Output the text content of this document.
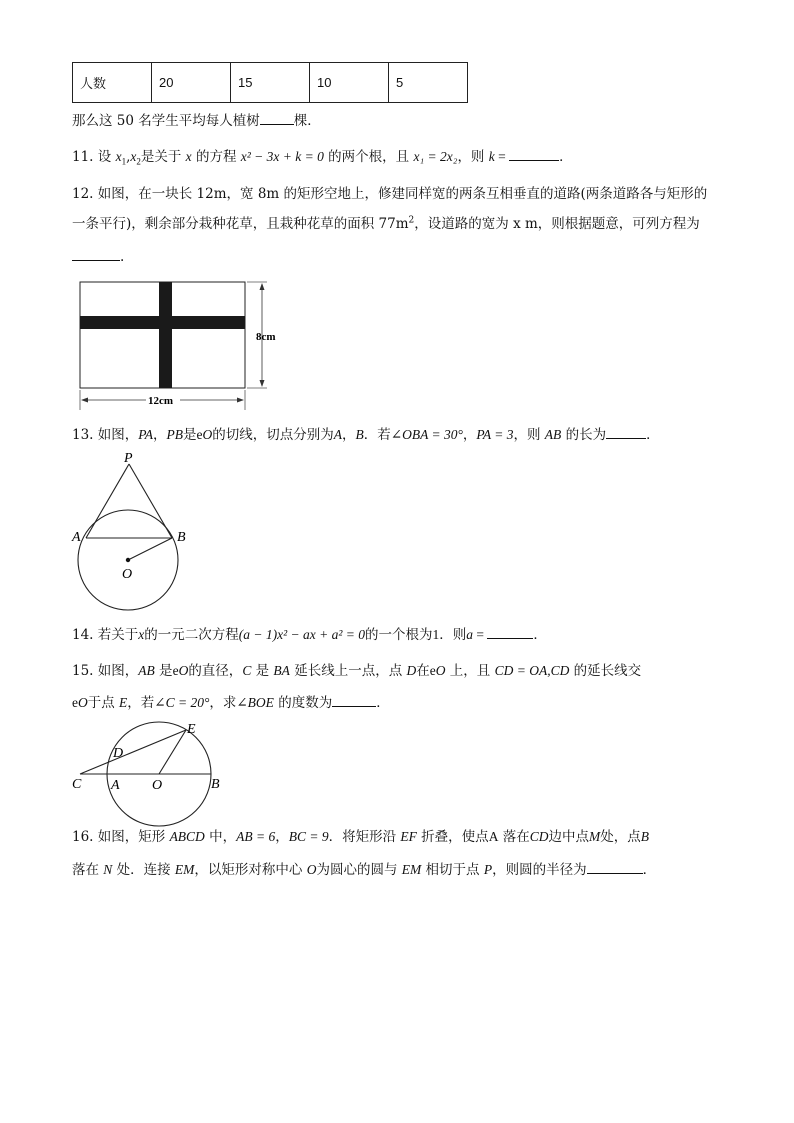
人数	20	15	10	5
那么这 50 名学生平均每人植树	棵．
11. 设 $x_1,x_2$是关于 x 的方程 x² − 3x + k = 0 的两个根，且 x₁ = 2x₂，则 k =	．
12. 如图，在一块长 12m，宽 8m 的矩形空地上，修建同样宽的两条互相垂直的道路(两条道路各与矩形的
一条平行)，剩余部分栽种花草，且栽种花草的面积 $77m^2$，设道路的宽为 x m，则根据题意，可列方程为
.
8cm
12cm
13. 如图，PA，PB是eO的切线，切点分别为A，B．若∠OBA = 30°，PA = 3，则 AB 的长为	．
P
A	B
O
14. 若关于x的一元二次方程(a − 1)x² − ax + a² = 0的一个根为1．则a =	．
15. 如图，AB 是eO的直径，C 是 BA 延长线上一点，点 D在eO 上，且 CD = OA,CD 的延长线交
eO于点 E，若∠C = 20°，求∠BOE 的度数为	．
E
D
C A O	B
16. 如图，矩形 ABCD 中，AB = 6，BC = 9．将矩形沿 EF 折叠，使点A 落在CD边中点M处，点B
落在 N 处．连接 EM，以矩形对称中心 O为圆心的圆与 EM 相切于点 P，则圆的半径为	．
